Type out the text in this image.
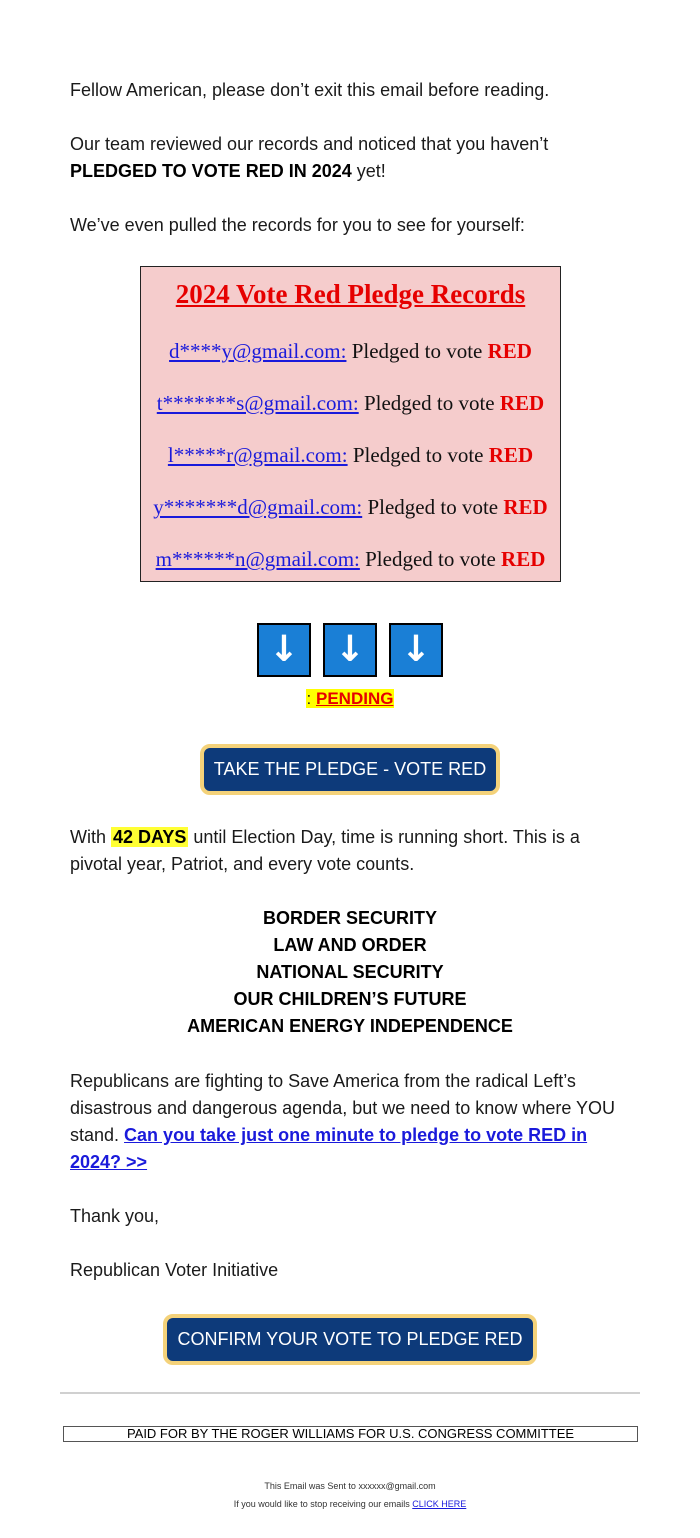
Fellow American, please don’t exit this email before reading.

Our team reviewed our records and noticed that you haven’t
PLEDGED TO VOTE RED IN 2024 yet!

We’ve even pulled the records for you to see for yourself:

2024 Vote Red Pledge Records
d****y@gmail.com: Pledged to vote RED
t*******s@gmail.com: Pledged to vote RED
l*****r@gmail.com: Pledged to vote RED
y*******d@gmail.com: Pledged to vote RED
m******n@gmail.com: Pledged to vote RED
↓ ↓ ↓
: PENDING
TAKE THE PLEDGE - VOTE RED

With 42 DAYS until Election Day, time is running short. This is a pivotal year, Patriot, and every vote counts.

BORDER SECURITY
LAW AND ORDER
NATIONAL SECURITY
OUR CHILDREN’S FUTURE
AMERICAN ENERGY INDEPENDENCE

Republicans are fighting to Save America from the radical Left’s disastrous and dangerous agenda, but we need to know where YOU stand. Can you take just one minute to pledge to vote RED in 2024? >>

Thank you,

Republican Voter Initiative

CONFIRM YOUR VOTE TO PLEDGE RED
PAID FOR BY THE ROGER WILLIAMS FOR U.S. CONGRESS COMMITTEE
This Email was Sent to xxxxxx@gmail.com
If you would like to stop receiving our emails CLICK HERE
